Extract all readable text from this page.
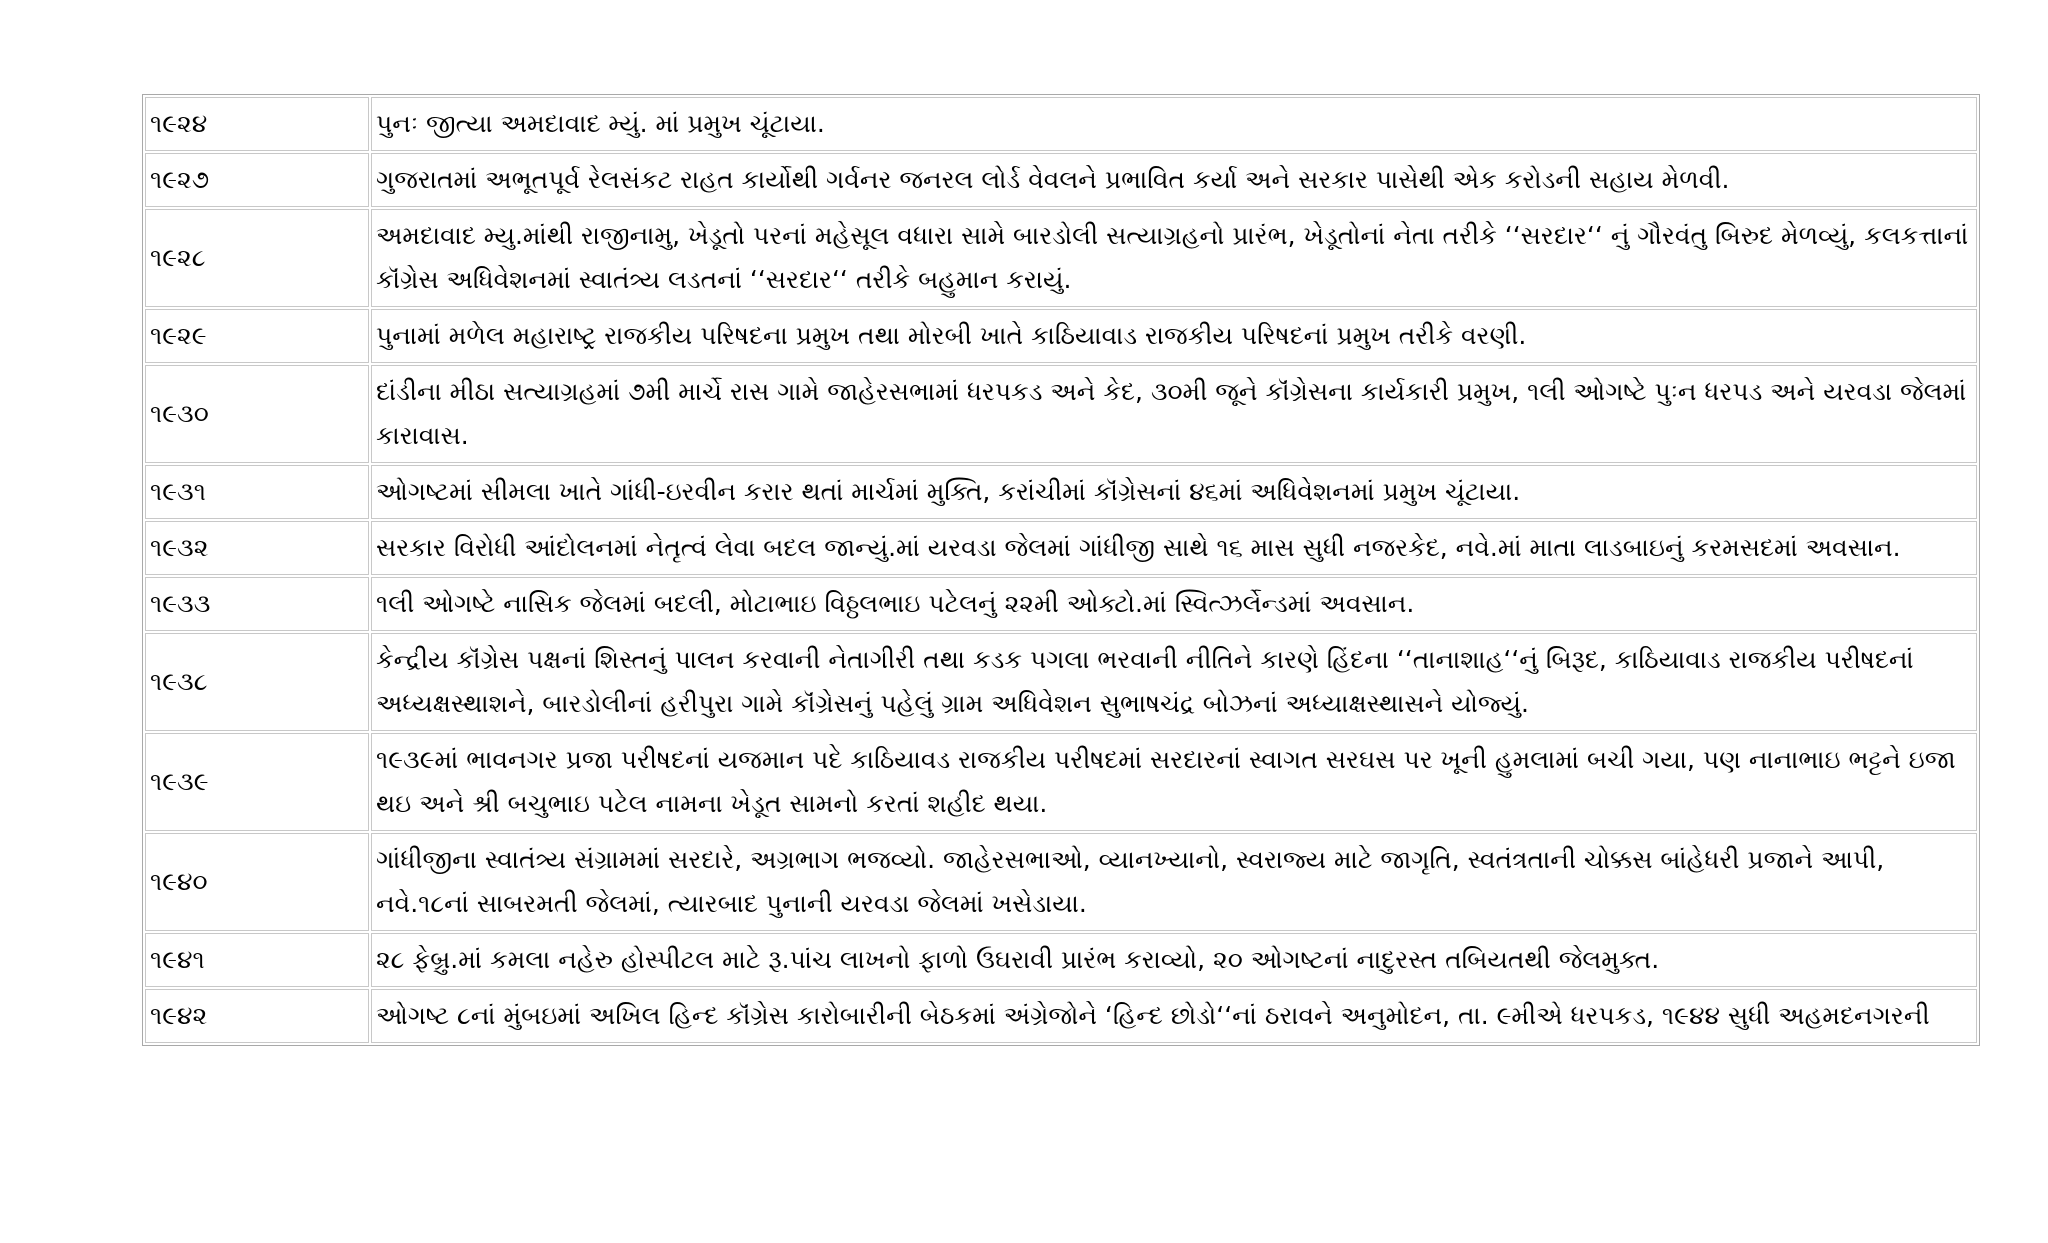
૧૯૨૪	પુનઃ જીત્યા અમદાવાદ મ્યું. માં પ્રમુખ ચૂંટાયા.
૧૯૨૭	ગુજરાતમાં અભૂતપૂર્વ રેલસંકટ રાહત કાર્યોથી ગર્વનર જનરલ લોર્ડ વેવલને પ્રભાવિત કર્યા અને સરકાર પાસેથી એક કરોડની સહાય મેળવી.
૧૯૨૮	અમદાવાદ મ્યુ.માંથી રાજીનામુ, ખેડૂતો પરનાં મહેસૂલ વધારા સામે બારડોલી સત્યાગ્રહનો પ્રારંભ, ખેડૂતોનાં નેતા તરીકે ‘‘સરદાર‘‘ નું ગૌરવંતુ બિરુદ મેળવ્યું, કલકત્તાનાં કૉંગ્રેસ અધિવેશનમાં સ્વાતંત્ર્ય લડતનાં ‘‘સરદાર‘‘ તરીકે બહુમાન કરાયું.
૧૯૨૯	પુનામાં મળેલ મહારાષ્ટ્ર રાજકીય પરિષદના પ્રમુખ તથા મોરબી ખાતે કાઠિયાવાડ રાજકીય પરિષદનાં પ્રમુખ તરીકે વરણી.
૧૯૩૦	દાંડીના મીઠા સત્યાગ્રહમાં ૭મી માર્ચે રાસ ગામે જાહેરસભામાં ધરપકડ અને કેદ, ૩૦મી જૂને કૉંગ્રેસના કાર્યકારી પ્રમુખ, ૧લી ઓગષ્ટે પુઃન ધરપડ અને યરવડા જેલમાં કારાવાસ.
૧૯૩૧	ઓગષ્ટમાં સીમલા ખાતે ગાંધી-ઇરવીન કરાર થતાં માર્ચમાં મુક્તિ, કરાંચીમાં કૉંગ્રેસનાં ૪૬માં અધિવેશનમાં પ્રમુખ ચૂંટાયા.
૧૯૩૨	સરકાર વિરોધી આંદોલનમાં નેતૃત્વં લેવા બદલ જાન્યું.માં યરવડા જેલમાં ગાંધીજી સાથે ૧૬ માસ સુધી નજરકેદ, નવે.માં માતા લાડબાઇનું કરમસદમાં અવસાન.
૧૯૩૩	૧લી ઓગષ્ટે નાસિક જેલમાં બદલી, મોટાભાઇ વિઠ્ઠલભાઇ પટેલનું ૨૨મી ઓક્ટો.માં સ્વિત્ઝર્લેન્ડમાં અવસાન.
૧૯૩૮	કેન્દ્રીય કૉંગ્રેસ પક્ષનાં શિસ્તનું પાલન કરવાની નેતાગીરી તથા કડક પગલા ભરવાની નીતિને કારણે હિંદના ‘‘તાનાશાહ‘‘નું બિરૂદ, કાઠિયાવાડ રાજકીય પરીષદનાં અધ્યક્ષસ્થાશને, બારડોલીનાં હરીપુરા ગામે કૉંગ્રેસનું પહેલું ગ્રામ અધિવેશન સુભાષચંદ્ર બોઝનાં અધ્યાક્ષસ્થાસને યોજ્યું.
૧૯૩૯	૧૯૩૯માં ભાવનગર પ્રજા પરીષદનાં યજમાન પદે કાઠિયાવડ રાજકીય પરીષદમાં સરદારનાં સ્વાગત સરઘસ પર ખૂની હુમલામાં બચી ગયા, પણ નાનાભાઇ ભટ્ટને ઇજા થઇ અને શ્રી બચુભાઇ પટેલ નામના ખેડૂત સામનો કરતાં શહીદ થયા.
૧૯૪૦	ગાંધીજીના સ્વાતંત્ર્ય સંગ્રામમાં સરદારે, અગ્રભાગ ભજવ્યો. જાહેરસભાઓ, વ્યાનખ્યાનો, સ્વરાજ્ય માટે જાગૃતિ, સ્વતંત્રતાની ચોક્કસ બાંહેધરી પ્રજાને આપી, નવે.૧૮નાં સાબરમતી જેલમાં, ત્યારબાદ પુનાની યરવડા જેલમાં ખસેડાયા.
૧૯૪૧	૨૮ ફેબ્રુ.માં કમલા નહેરુ હોસ્પીટલ માટે રૂ.પાંચ લાખનો ફાળો ઉઘરાવી પ્રારંભ કરાવ્યો, ૨૦ ઓગષ્ટનાં નાદુરસ્ત તબિયતથી જેલમુક્ત.
૧૯૪૨	ઓગષ્ટ ૮નાં મુંબઇમાં અખિલ હિન્દ કૉંગ્રેસ કારોબારીની બેઠકમાં અંગ્રેજોને ‘હિન્દ છોડો‘‘નાં ઠરાવને અનુમોદન, તા. ૯મીએ ધરપકડ, ૧૯૪૪ સુધી અહમદનગરની
